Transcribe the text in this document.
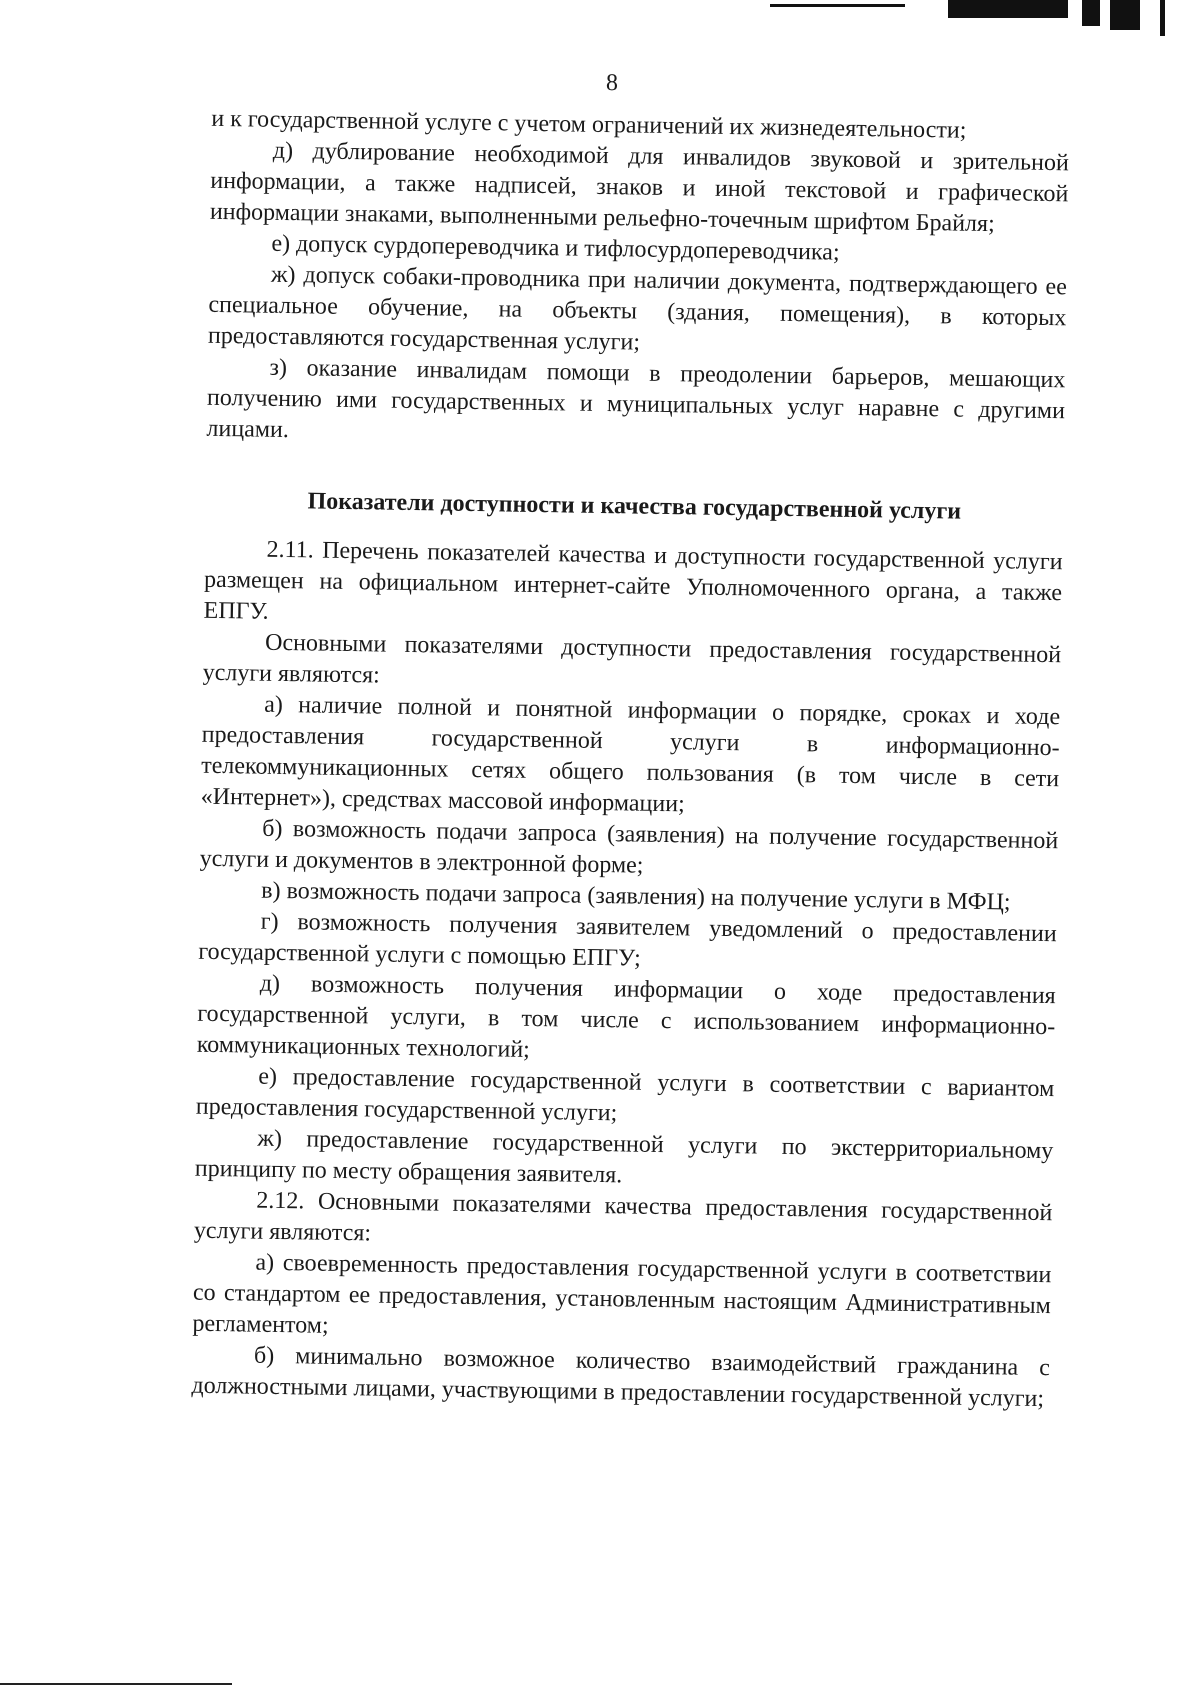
8

и к государственной услуге с учетом ограничений их жизнедеятельности;

д) дублирование необходимой для инвалидов звуковой и зрительной информации, а также надписей, знаков и иной текстовой и графической информации знаками, выполненными рельефно-точечным шрифтом Брайля;

е) допуск сурдопереводчика и тифлосурдопереводчика;

ж) допуск собаки-проводника при наличии документа, подтверждающего ее специальное обучение, на объекты (здания, помещения), в которых предоставляются государственная услуги;

з) оказание инвалидам помощи в преодолении барьеров, мешающих получению ими государственных и муниципальных услуг наравне с другими лицами.

Показатели доступности и качества государственной услуги

2.11. Перечень показателей качества и доступности государственной услуги размещен на официальном интернет-сайте Уполномоченного органа, а также ЕПГУ.

Основными показателями доступности предоставления государственной услуги являются:

а) наличие полной и понятной информации о порядке, сроках и ходе предоставления государственной услуги в информационно-телекоммуникационных сетях общего пользования (в том числе в сети «Интернет»), средствах массовой информации;

б) возможность подачи запроса (заявления) на получение государственной услуги и документов в электронной форме;

в) возможность подачи запроса (заявления) на получение услуги в МФЦ;

г) возможность получения заявителем уведомлений о предоставлении государственной услуги с помощью ЕПГУ;

д) возможность получения информации о ходе предоставления государственной услуги, в том числе с использованием информационно-коммуникационных технологий;

е) предоставление государственной услуги в соответствии с вариантом предоставления государственной услуги;

ж) предоставление государственной услуги по экстерриториальному принципу по месту обращения заявителя.

2.12. Основными показателями качества предоставления государственной услуги являются:

а) своевременность предоставления государственной услуги в соответствии со стандартом ее предоставления, установленным настоящим Административным регламентом;

б) минимально возможное количество взаимодействий гражданина с должностными лицами, участвующими в предоставлении государственной услуги;
